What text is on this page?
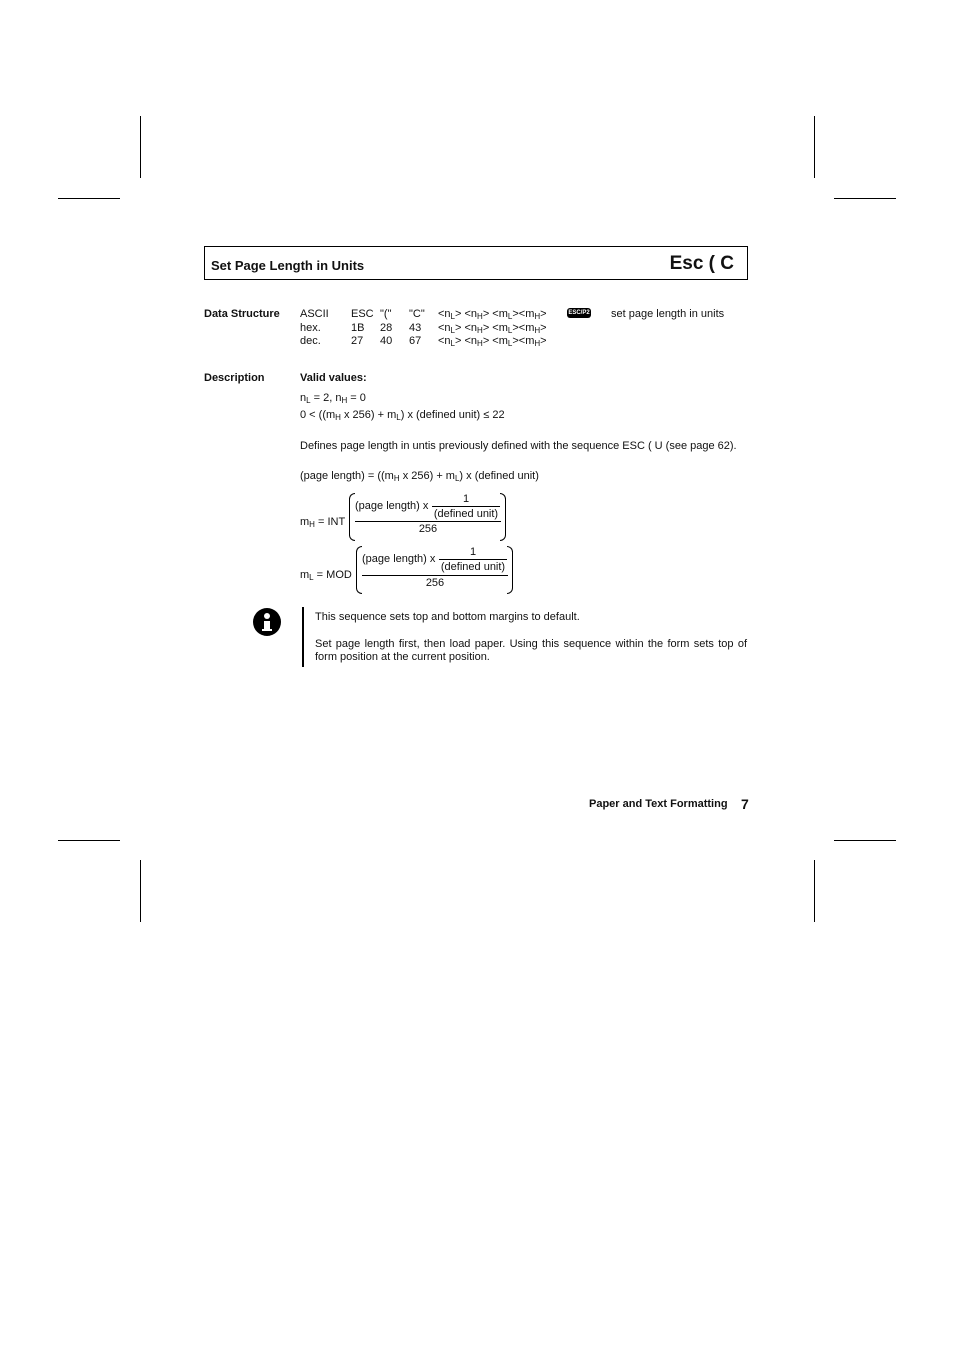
Set Page Length in Units	Esc ( C
Data Structure ASCII ESC "(" "C" $<n_L> <n_H> <m_L><m_H>$	ESC/P2 set page length in units
hex.	1B 28 $43 <n_L> <n_H> <m_L><m_H>$
dec.	27 40 $67 <n_L> <n_H> <m_L><m_H>$
Description	Valid values:
$n_L = 2$, $n_H = 0$
$0 < ((m_H$ x $256) + m_L$) x (defined unit) ≤ 22
Defines page length in untis previously defined with the sequence ESC ( U (see page 62).
(page length) = (($m_H$ x $256) + m_L$) x (defined unit)
$m_H$ = INT
(page length) x
1
(defined unit)
256
$m_L$ = MOD
(page length) x
1
(defined unit)
256
This sequence sets top and bottom margins to default.
Set page length first, then load paper. Using this sequence within the form sets top of
form position at the current position.
Paper and Text Formatting 7
